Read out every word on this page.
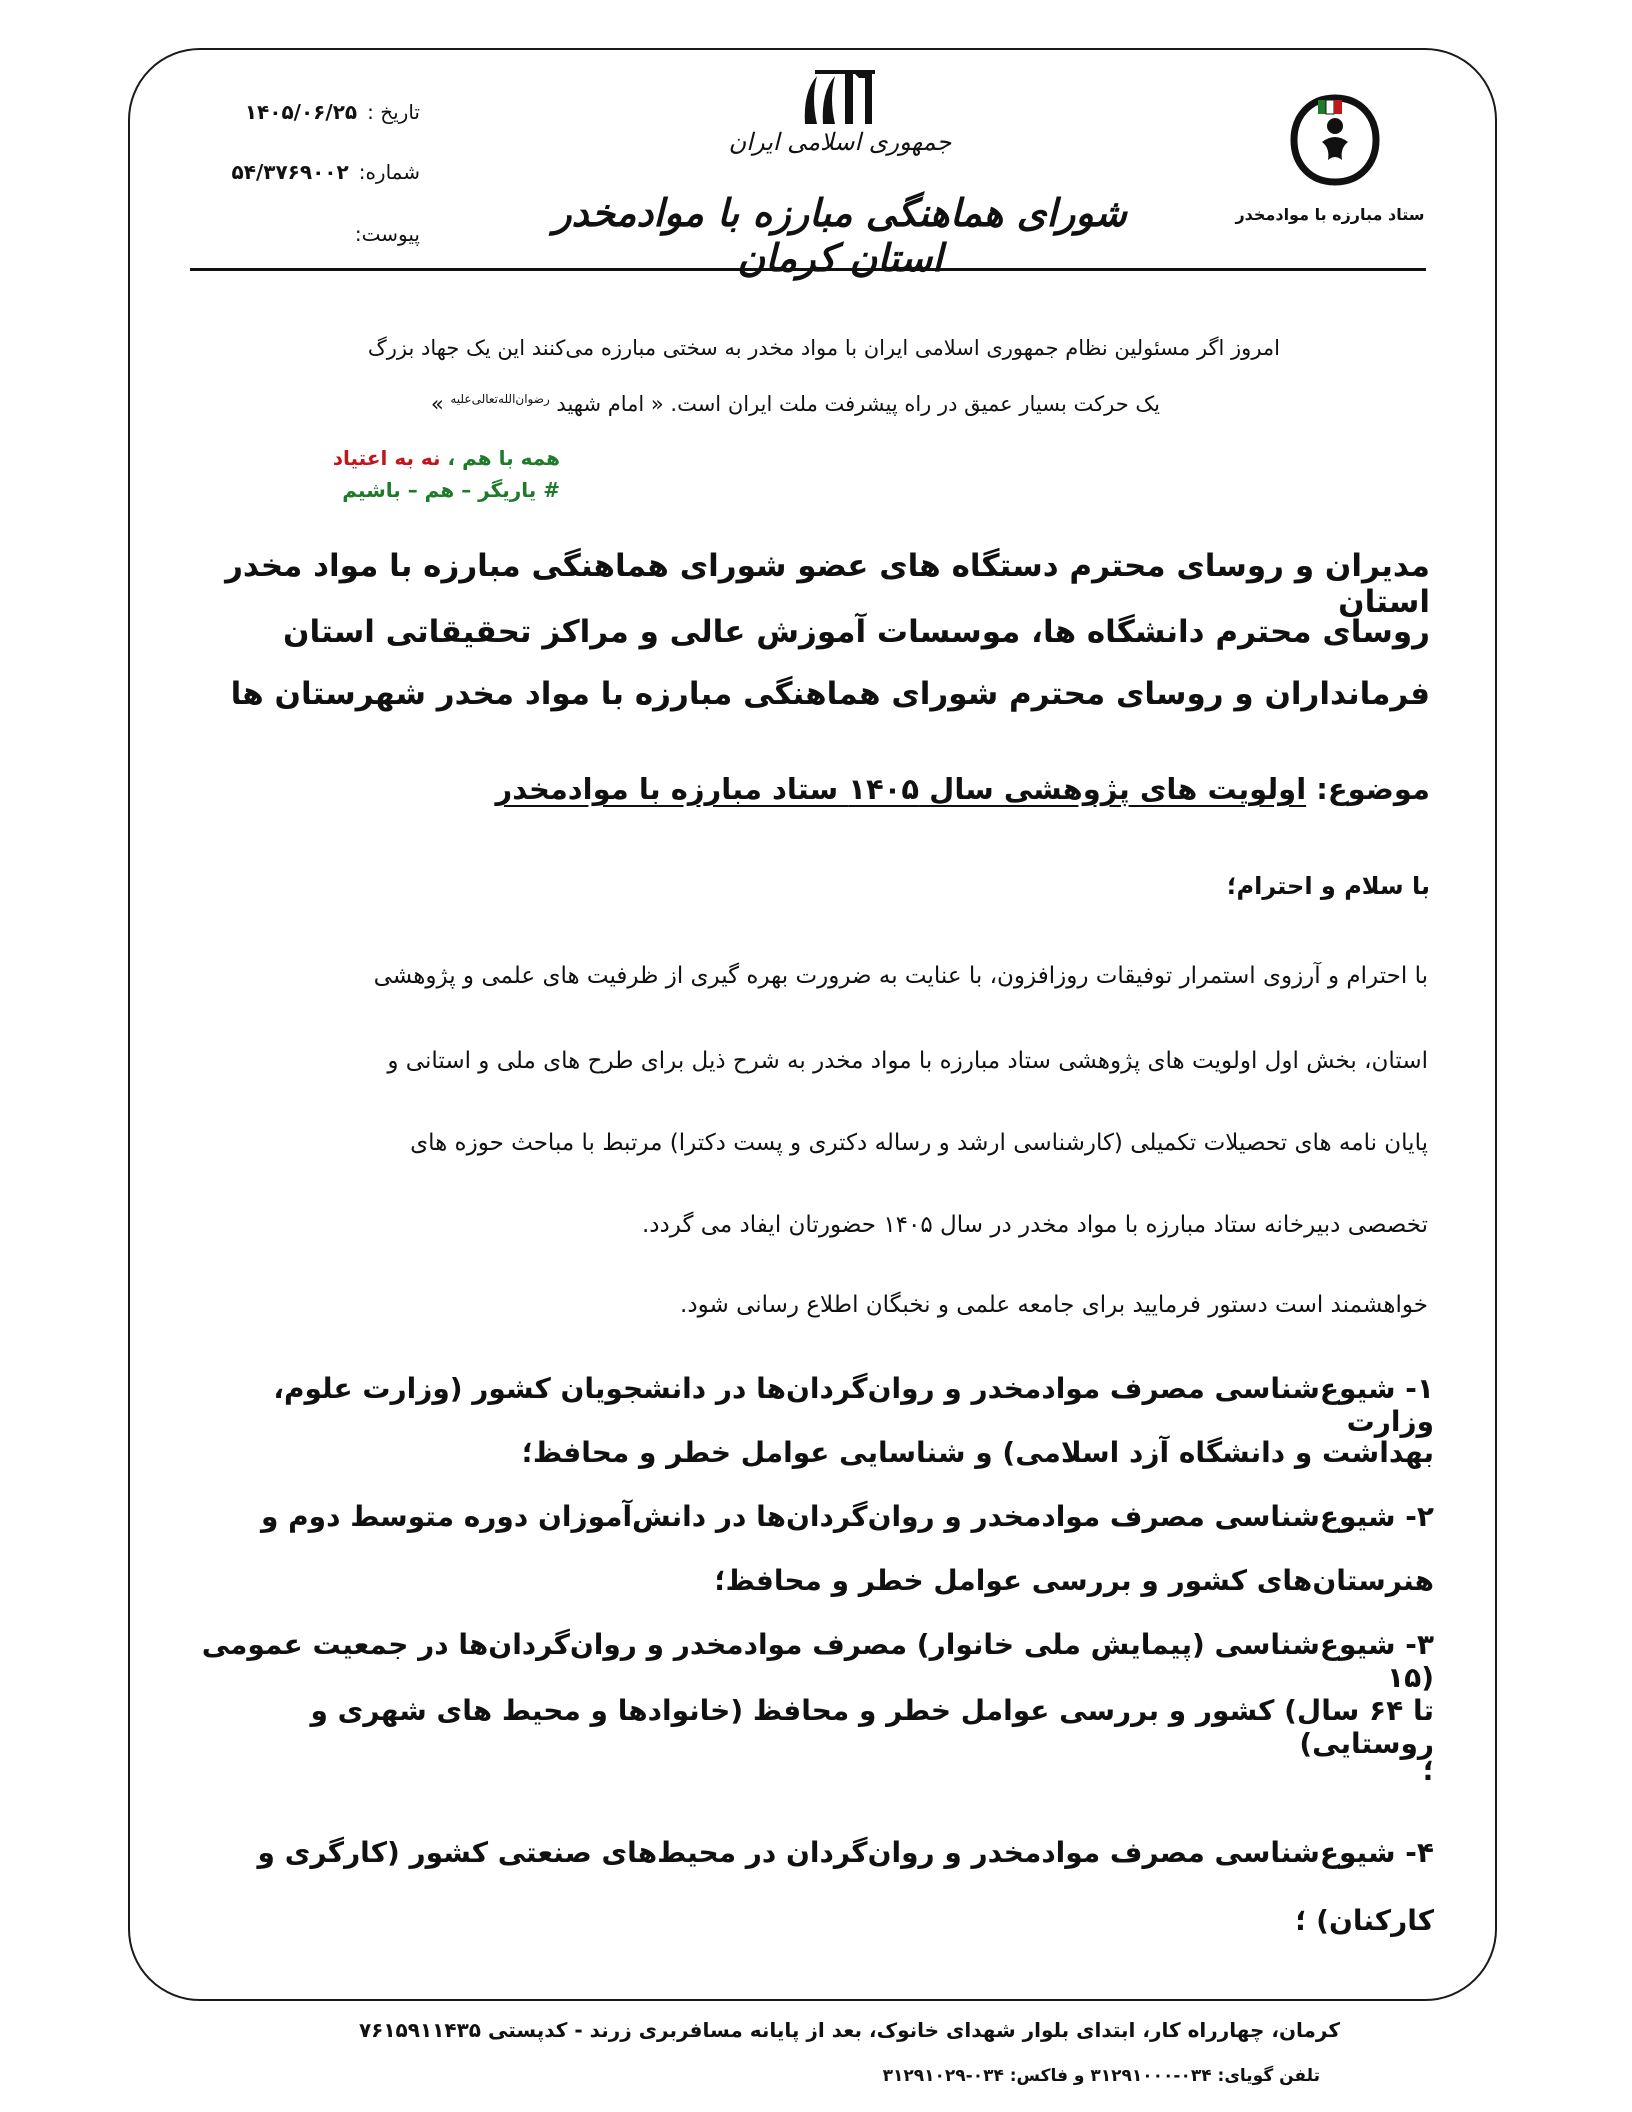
ستاد مبارزه با موادمخدر
جمهوری اسلامی ایران
شورای هماهنگی مبارزه با موادمخدر استان کرمان
تاریخ :۱۴۰۵/۰۶/۲۵
شماره:۵۴/۳۷۶۹۰۰۲
پیوست:
امروز اگر مسئولین نظام جمهوری اسلامی ایران با مواد مخدر به سختی مبارزه می‌کنند این یک جهاد بزرگ
یک حرکت بسیار عمیق در راه پیشرفت ملت ایران است. « امام شهید $^{رضوان‌الله‌تعالی‌علیه}$ »
همه با هم ، نه به اعتیاد
# یاریگر – هم – باشیم
مدیران و روسای محترم دستگاه های عضو شورای هماهنگی مبارزه با مواد مخدر استان
روسای محترم دانشگاه ها، موسسات آموزش عالی و مراکز تحقیقاتی استان
فرمانداران و روسای محترم شورای هماهنگی مبارزه با مواد مخدر شهرستان ها
موضوع: اولویت های پژوهشی سال ۱۴۰۵ ستاد مبارزه با موادمخدر
با سلام و احترام؛
با احترام و آرزوی استمرار توفیقات روزافزون، با عنایت به ضرورت بهره گیری از ظرفیت های علمی و پژوهشی
استان، بخش اول اولویت های پژوهشی ستاد مبارزه با مواد مخدر به شرح ذیل برای طرح های ملی و استانی و
پایان نامه های تحصیلات تکمیلی (کارشناسی ارشد و رساله دکتری و پست دکترا) مرتبط با مباحث حوزه های
تخصصی دبیرخانه ستاد مبارزه با مواد مخدر در سال ۱۴۰۵ حضورتان ایفاد می گردد.
خواهشمند است دستور فرمایید برای جامعه علمی و نخبگان اطلاع رسانی شود.
۱- شیوع‌شناسی مصرف موادمخدر و روان‌گردان‌ها در دانشجویان کشور (وزارت علوم، وزارت
بهداشت و دانشگاه آزد اسلامی) و شناسایی عوامل خطر و محافظ؛
۲- شیوع‌شناسی مصرف موادمخدر و روان‌گردان‌ها در دانش‌آموزان دوره متوسط دوم و
هنرستان‌های کشور و بررسی عوامل خطر و محافظ؛
۳- شیوع‌شناسی (پیمایش ملی خانوار) مصرف موادمخدر و روان‌گردان‌ها در جمعیت عمومی (۱۵
تا ۶۴ سال) کشور و بررسی عوامل خطر و محافظ (خانوادها و محیط های شهری و روستایی)
؛
۴- شیوع‌شناسی مصرف موادمخدر و روان‌گردان در محیط‌های صنعتی کشور (کارگری و
کارکنان) ؛
کرمان، چهارراه کار، ابتدای بلوار شهدای خانوک، بعد از پایانه مسافربری زرند - کدپستی ۷۶۱۵۹۱۱۴۳۵
تلفن گویای: ۰۳۴-۳۱۲۹۱۰۰۰ و فاکس: ۰۳۴-۳۱۲۹۱۰۲۹
